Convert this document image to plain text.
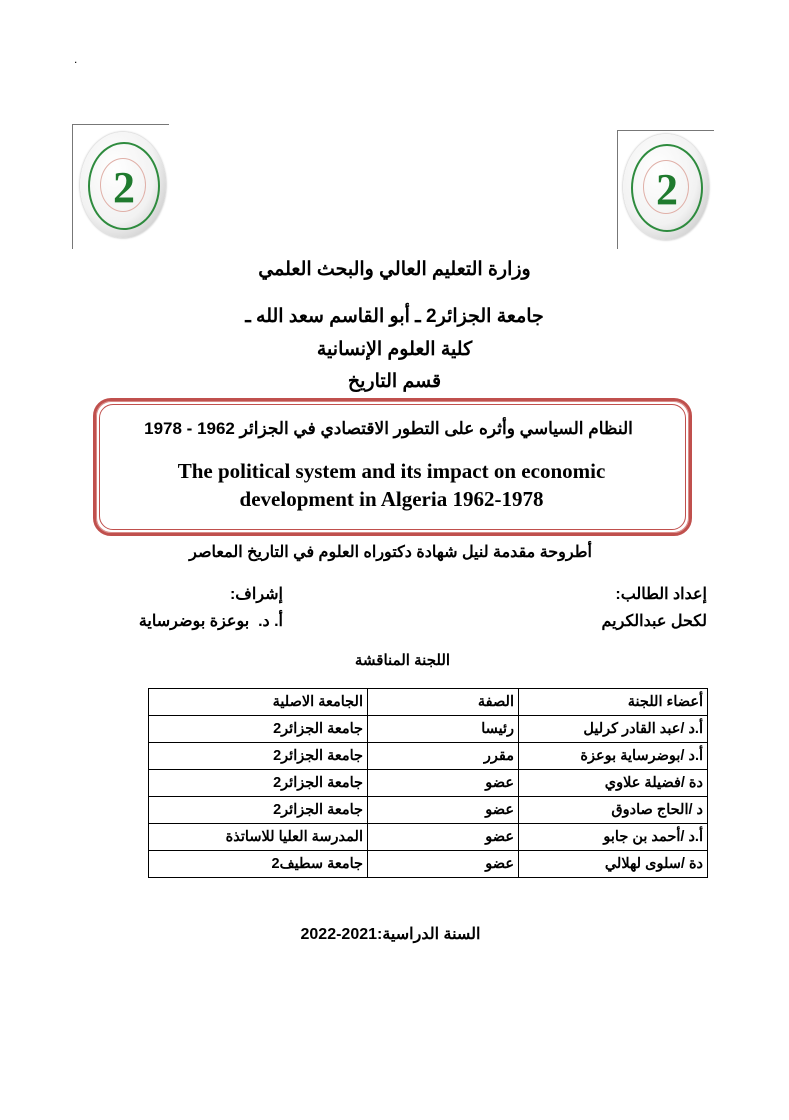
.
2	2
وزارة التعليم العالي والبحث العلمي
جامعة الجزائر2 ـ أبو القاسم سعد الله ـ
كلية العلوم الإنسانية
قسم التاريخ
النظام السياسي وأثره على التطور الاقتصادي في الجزائر 1962 - 1978
The political system and its impact on economic
development in Algeria 1962-1978
أطروحة مقدمة لنيل شهادة دكتوراه العلوم في التاريخ المعاصر
إعداد الطالب:
لكحل عبدالكريم
إشراف:
أ. د.  بوعزة بوضرساية
اللجنة المناقشة
أعضاء اللجنة	الصفة	الجامعة الاصلية
أ.د /عبد القادر كرليل	رئيسا	جامعة الجزائر2
أ.د /بوضرساية بوعزة	مقرر	جامعة الجزائر2
دة /فضيلة علاوي	عضو	جامعة الجزائر2
د /الحاج صادوق	عضو	جامعة الجزائر2
أ.د /أحمد بن جابو	عضو	المدرسة العليا للاساتذة
دة /سلوى لهلالي	عضو	جامعة سطيف2
السنة الدراسية:2021-2022
